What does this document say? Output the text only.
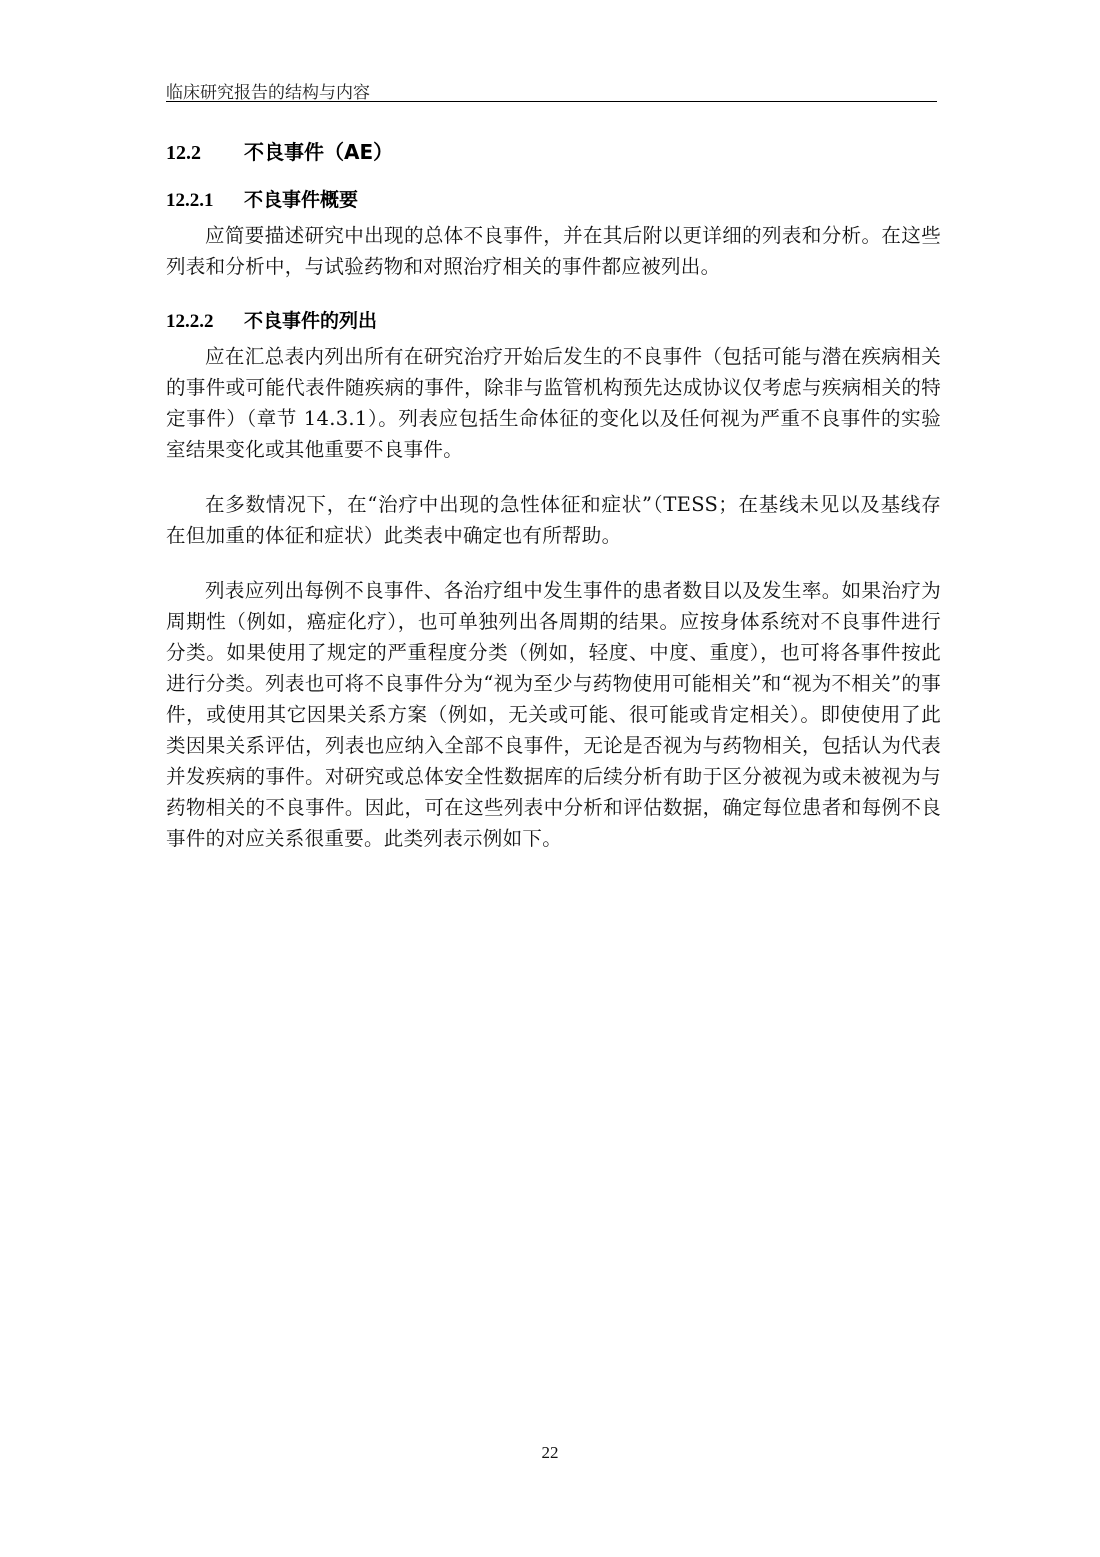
临床研究报告的结构与内容
12.2	不良事件（AE）
12.2.1	不良事件概要

应简要描述研究中出现的总体不良事件，并在其后附以更详细的列表和分析。在这些列表和分析中，与试验药物和对照治疗相关的事件都应被列出。

12.2.2	不良事件的列出

应在汇总表内列出所有在研究治疗开始后发生的不良事件（包括可能与潜在疾病相关的事件或可能代表件随疾病的事件，除非与监管机构预先达成协议仅考虑与疾病相关的特定事件）（章节 14.3.1）。列表应包括生命体征的变化以及任何视为严重不良事件的实验室结果变化或其他重要不良事件。

在多数情况下，在“治疗中出现的急性体征和症状”（TESS；在基线未见以及基线存在但加重的体征和症状）此类表中确定也有所帮助。

列表应列出每例不良事件、各治疗组中发生事件的患者数目以及发生率。如果治疗为周期性（例如，癌症化疗），也可单独列出各周期的结果。应按身体系统对不良事件进行分类。如果使用了规定的严重程度分类（例如，轻度、中度、重度），也可将各事件按此进行分类。列表也可将不良事件分为“视为至少与药物使用可能相关”和“视为不相关”的事件，或使用其它因果关系方案（例如，无关或可能、很可能或肯定相关）。即使使用了此类因果关系评估，列表也应纳入全部不良事件，无论是否视为与药物相关，包括认为代表并发疾病的事件。对研究或总体安全性数据库的后续分析有助于区分被视为或未被视为与药物相关的不良事件。因此，可在这些列表中分析和评估数据，确定每位患者和每例不良事件的对应关系很重要。此类列表示例如下。

22
